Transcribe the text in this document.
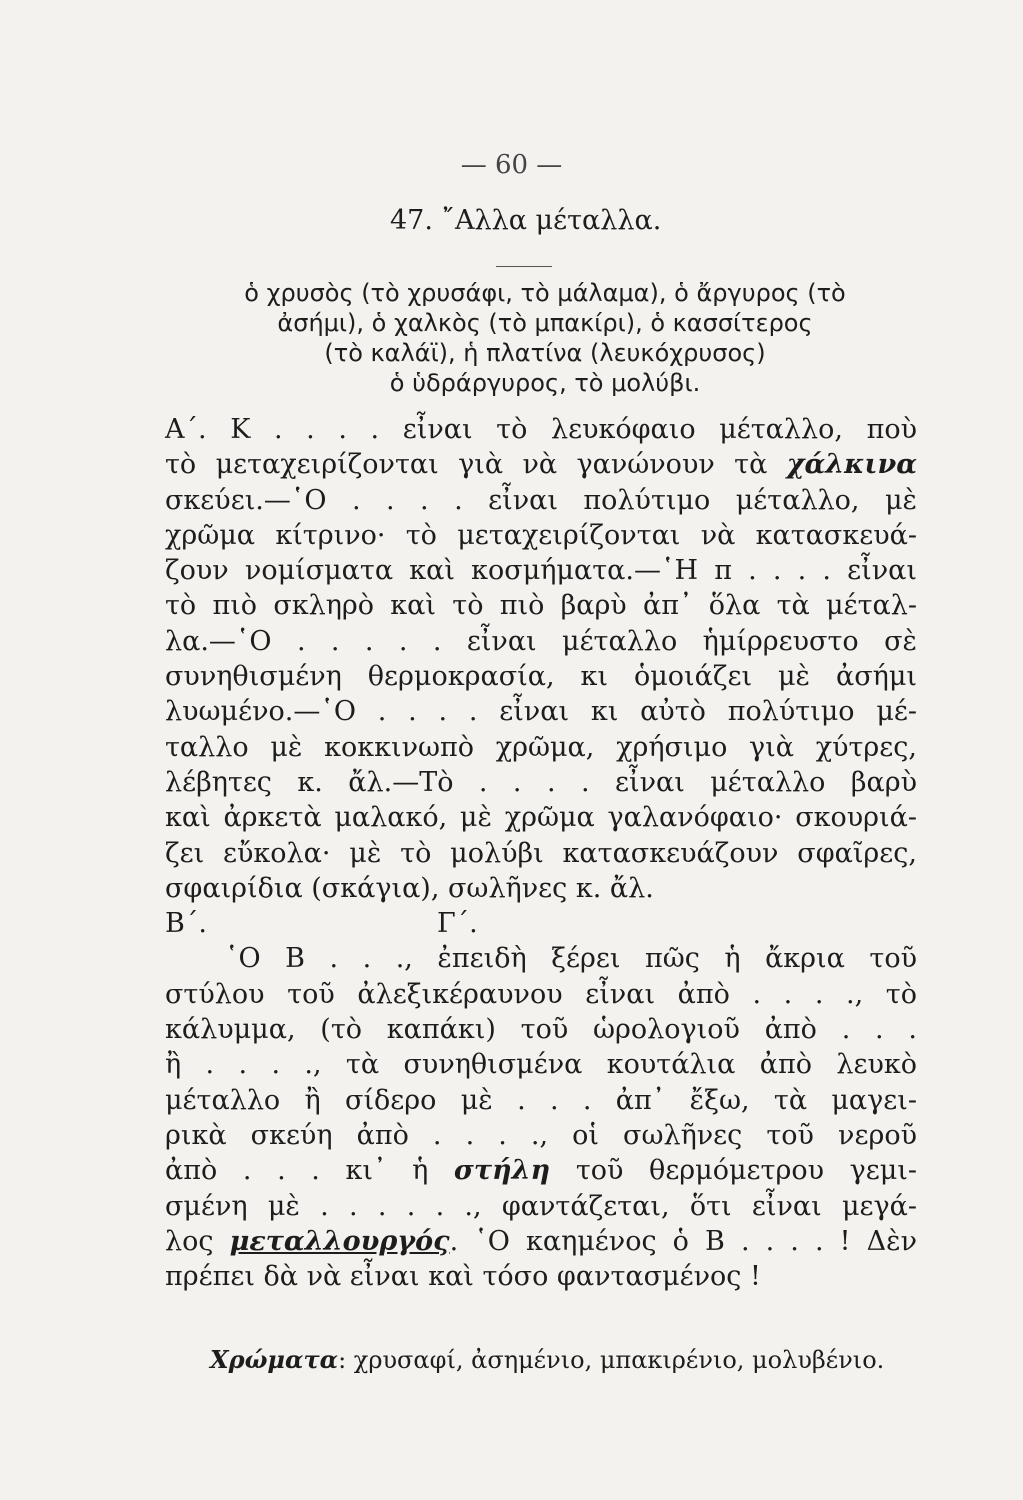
— 60 —
47. ῎Αλλα μέταλλα.

ὁ χρυσὸς (τὸ χρυσάφι, τὸ μάλαμα), ὁ ἄργυρος (τὸ

ἀσήμι), ὁ χαλκὸς (τὸ μπακίρι), ὁ κασσίτερος

(τὸ καλάϊ), ἡ πλατίνα (λευκόχρυσος)

ὁ ὑδράργυρος, τὸ μολύβι.

Α΄. Κ . . . . εἶναι τὸ λευκόφαιο μέταλλο, ποὺ

τὸ μεταχειρίζονται γιὰ νὰ γανώνουν τὰ χάλκινα

σκεύει.—῾Ο . . . . εἶναι πολύτιμο μέταλλο, μὲ

χρῶμα κίτρινο· τὸ μεταχειρίζονται νὰ κατασκευά-

ζουν νομίσματα καὶ κοσμήματα.—῾Η π . . . . εἶναι

τὸ πιὸ σκληρὸ καὶ τὸ πιὸ βαρὺ ἀπ᾽ ὅλα τὰ μέταλ-

λα.—῾Ο . . . . . εἶναι μέταλλο ἡμίρρευστο σὲ

συνηθισμένη θερμοκρασία, κι ὁμοιάζει μὲ ἀσήμι

λυωμένο.—῾Ο . . . . εἶναι κι αὐτὸ πολύτιμο μέ-

ταλλο μὲ κοκκινωπὸ χρῶμα, χρήσιμο γιὰ χύτρες,

λέβητες κ. ἄλ.—Τὸ . . . . εἶναι μέταλλο βαρὺ

καὶ ἀρκετὰ μαλακό, μὲ χρῶμα γαλανόφαιο· σκουριά-

ζει εὔκολα· μὲ τὸ μολύβι κατασκευάζουν σφαῖρες,

σφαιρίδια (σκάγια), σωλῆνες κ. ἄλ.

Β΄.	Γ΄.

῾Ο Β . . ., ἐπειδὴ ξέρει πῶς ἡ ἄκρια τοῦ

στύλου τοῦ ἀλεξικέραυνου εἶναι ἀπὸ . . . ., τὸ

κάλυμμα, (τὸ καπάκι) τοῦ ὡρολογιοῦ ἀπὸ . . .

ἢ . . . ., τὰ συνηθισμένα κουτάλια ἀπὸ λευκὸ

μέταλλο ἢ σίδερο μὲ . . . ἀπ᾽ ἔξω, τὰ μαγει-

ρικὰ σκεύη ἀπὸ . . . ., οἱ σωλῆνες τοῦ νεροῦ

ἀπὸ . . . κι᾽ ἡ στήλη τοῦ θερμόμετρου γεμι-

σμένη μὲ . . . . . ., φαντάζεται, ὅτι εἶναι μεγά-

λος μεταλλουργός. ῾Ο καημένος ὁ Β . . . . ! Δὲν

πρέπει δὰ νὰ εἶναι καὶ τόσο φαντασμένος !

Χρώματα: χρυσαφί, ἀσημένιο, μπακιρένιο, μολυβένιο.
